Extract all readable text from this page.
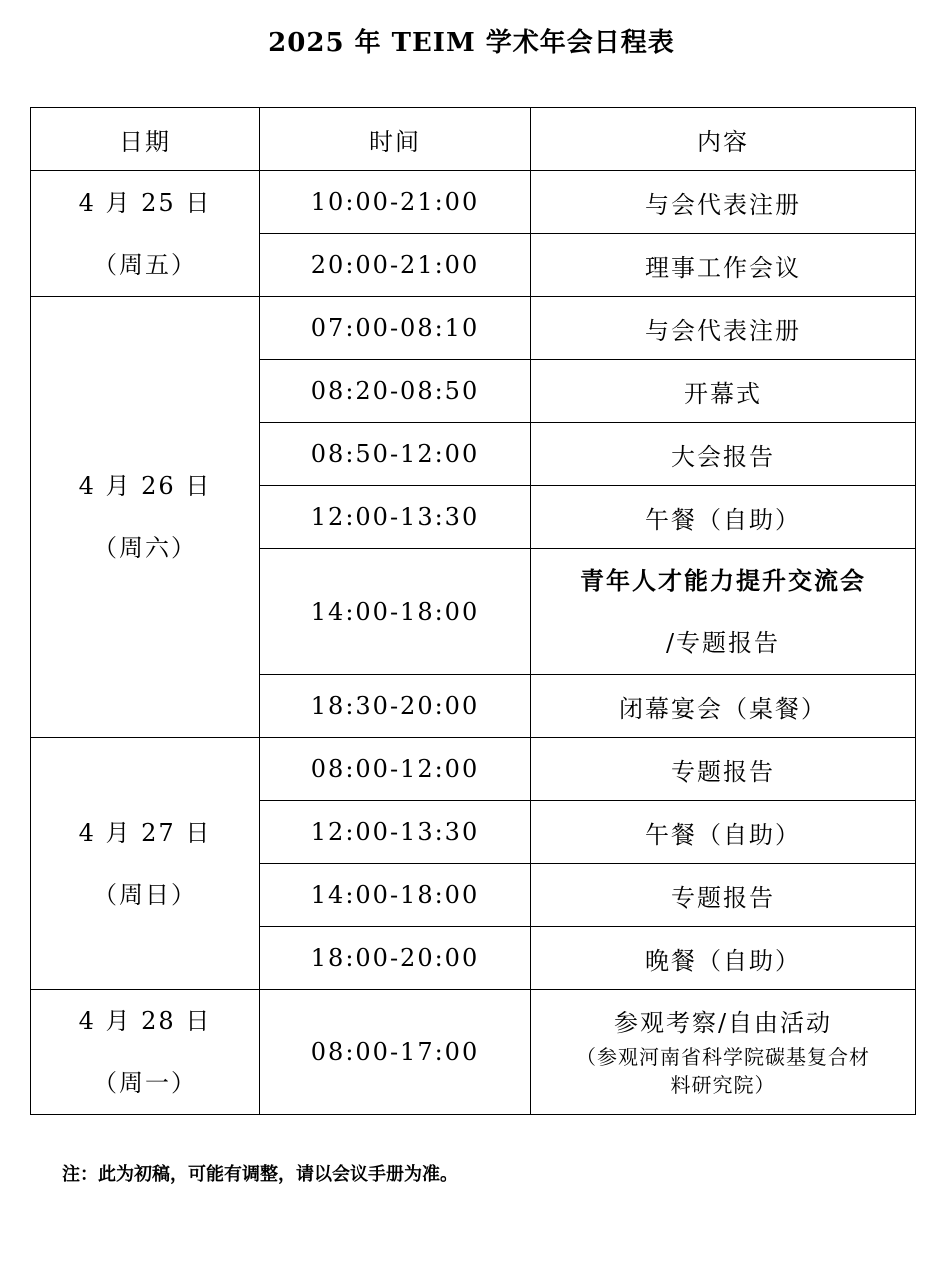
2025 年 TEIM 学术年会日程表
日期	时间	内容

4 月 25 日
（周五）	10:00-21:00	与会代表注册
	20:00-21:00	理事工作会议

4 月 26 日
（周六）	07:00-08:10	与会代表注册
	08:20-08:50	开幕式
	08:50-12:00	大会报告
	12:00-13:30	午餐（自助）
	14:00-18:00	青年人才能力提升交流会
/专题报告

	18:30-20:00	闭幕宴会（桌餐）

4 月 27 日
（周日）	08:00-12:00	专题报告
	12:00-13:30	午餐（自助）
	14:00-18:00	专题报告
	18:00-20:00	晚餐（自助）

4 月 28 日
（周一）	08:00-17:00	参观考察/自由活动
（参观河南省科学院碳基复合材
料研究院）
注：此为初稿，可能有调整，请以会议手册为准。
